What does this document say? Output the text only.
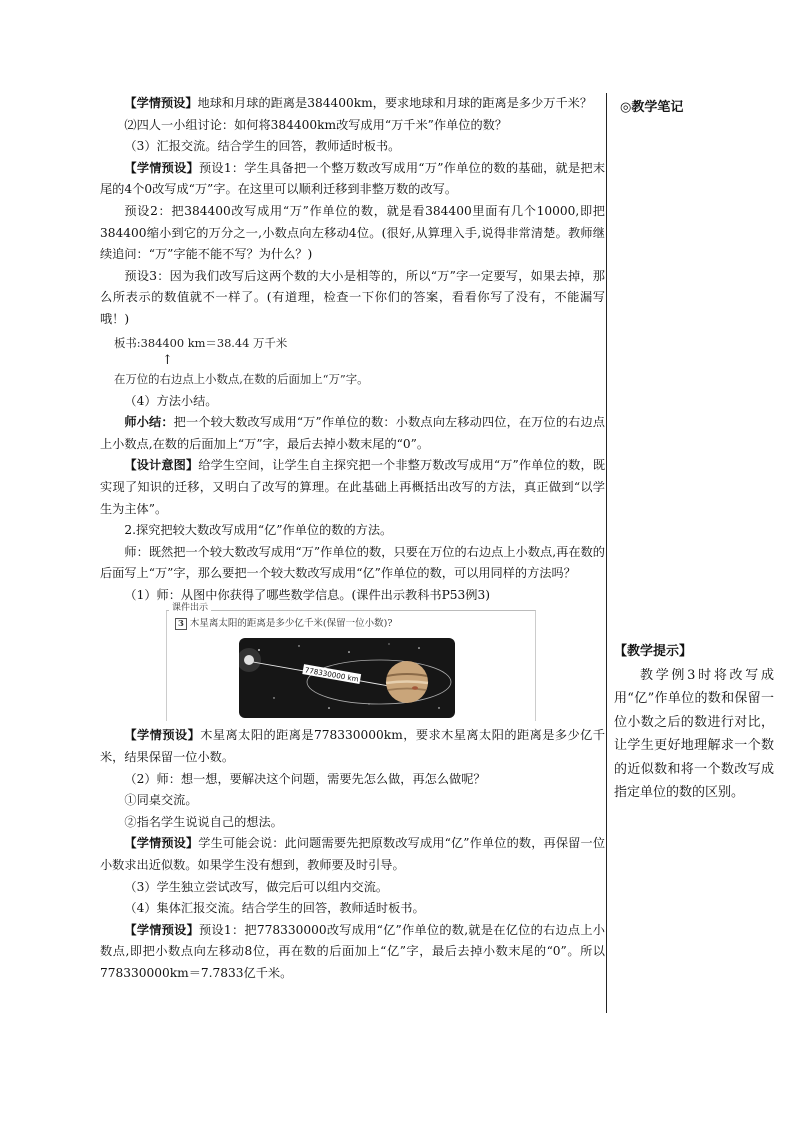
【学情预设】地球和月球的距离是384400km，要求地球和月球的距离是多少万千米？

⑵四人一小组讨论：如何将384400km改写成用“万千米”作单位的数？

（3）汇报交流。结合学生的回答，教师适时板书。

【学情预设】预设1：学生具备把一个整万数改写成用“万”作单位的数的基础，就是把末尾的4个0改写成“万”字。在这里可以顺利迁移到非整万数的改写。

预设2：把384400改写成用“万”作单位的数，就是看384400里面有几个10000,即把384400缩小到它的万分之一,小数点向左移动4位。(很好,从算理入手,说得非常清楚。教师继续追问：“万”字能不能不写？为什么？)

预设3：因为我们改写后这两个数的大小是相等的，所以“万”字一定要写，如果去掉，那么所表示的数值就不一样了。(有道理，检查一下你们的答案，看看你写了没有，不能漏写哦！)

板书:384400 km＝38.44 万千米
↑
在万位的右边点上小数点,在数的后面加上“万”字。

（4）方法小结。

师小结：把一个较大数改写成用“万”作单位的数：小数点向左移动四位，在万位的右边点上小数点,在数的后面加上“万”字，最后去掉小数末尾的“0”。

【设计意图】给学生空间，让学生自主探究把一个非整万数改写成用“万”作单位的数，既实现了知识的迁移，又明白了改写的算理。在此基础上再概括出改写的方法，真正做到“以学生为主体”。

2.探究把较大数改写成用“亿”作单位的数的方法。

师：既然把一个较大数改写成用“万”作单位的数，只要在万位的右边点上小数点,再在数的后面写上“万”字，那么要把一个较大数改写成用“亿”作单位的数，可以用同样的方法吗？

（1）师：从图中你获得了哪些数学信息。(课件出示教科书P53例3)

课件出示
3 木星离太阳的距离是多少亿千米(保留一位小数)?
778330000 km

【学情预设】木星离太阳的距离是778330000km，要求木星离太阳的距离是多少亿千米，结果保留一位小数。

（2）师：想一想，要解决这个问题，需要先怎么做，再怎么做呢？

①同桌交流。

②指名学生说说自己的想法。

【学情预设】学生可能会说：此问题需要先把原数改写成用“亿”作单位的数，再保留一位小数求出近似数。如果学生没有想到，教师要及时引导。

（3）学生独立尝试改写，做完后可以组内交流。

（4）集体汇报交流。结合学生的回答，教师适时板书。

【学情预设】预设1：把778330000改写成用“亿”作单位的数,就是在亿位的右边点上小数点,即把小数点向左移动8位，再在数的后面加上“亿”字，最后去掉小数末尾的“0”。所以778330000km＝7.7833亿千米。

◎教学笔记
【教学提示】
教学例3时将改写成用“亿”作单位的数和保留一位小数之后的数进行对比，让学生更好地理解求一个数的近似数和将一个数改写成指定单位的数的区别。
